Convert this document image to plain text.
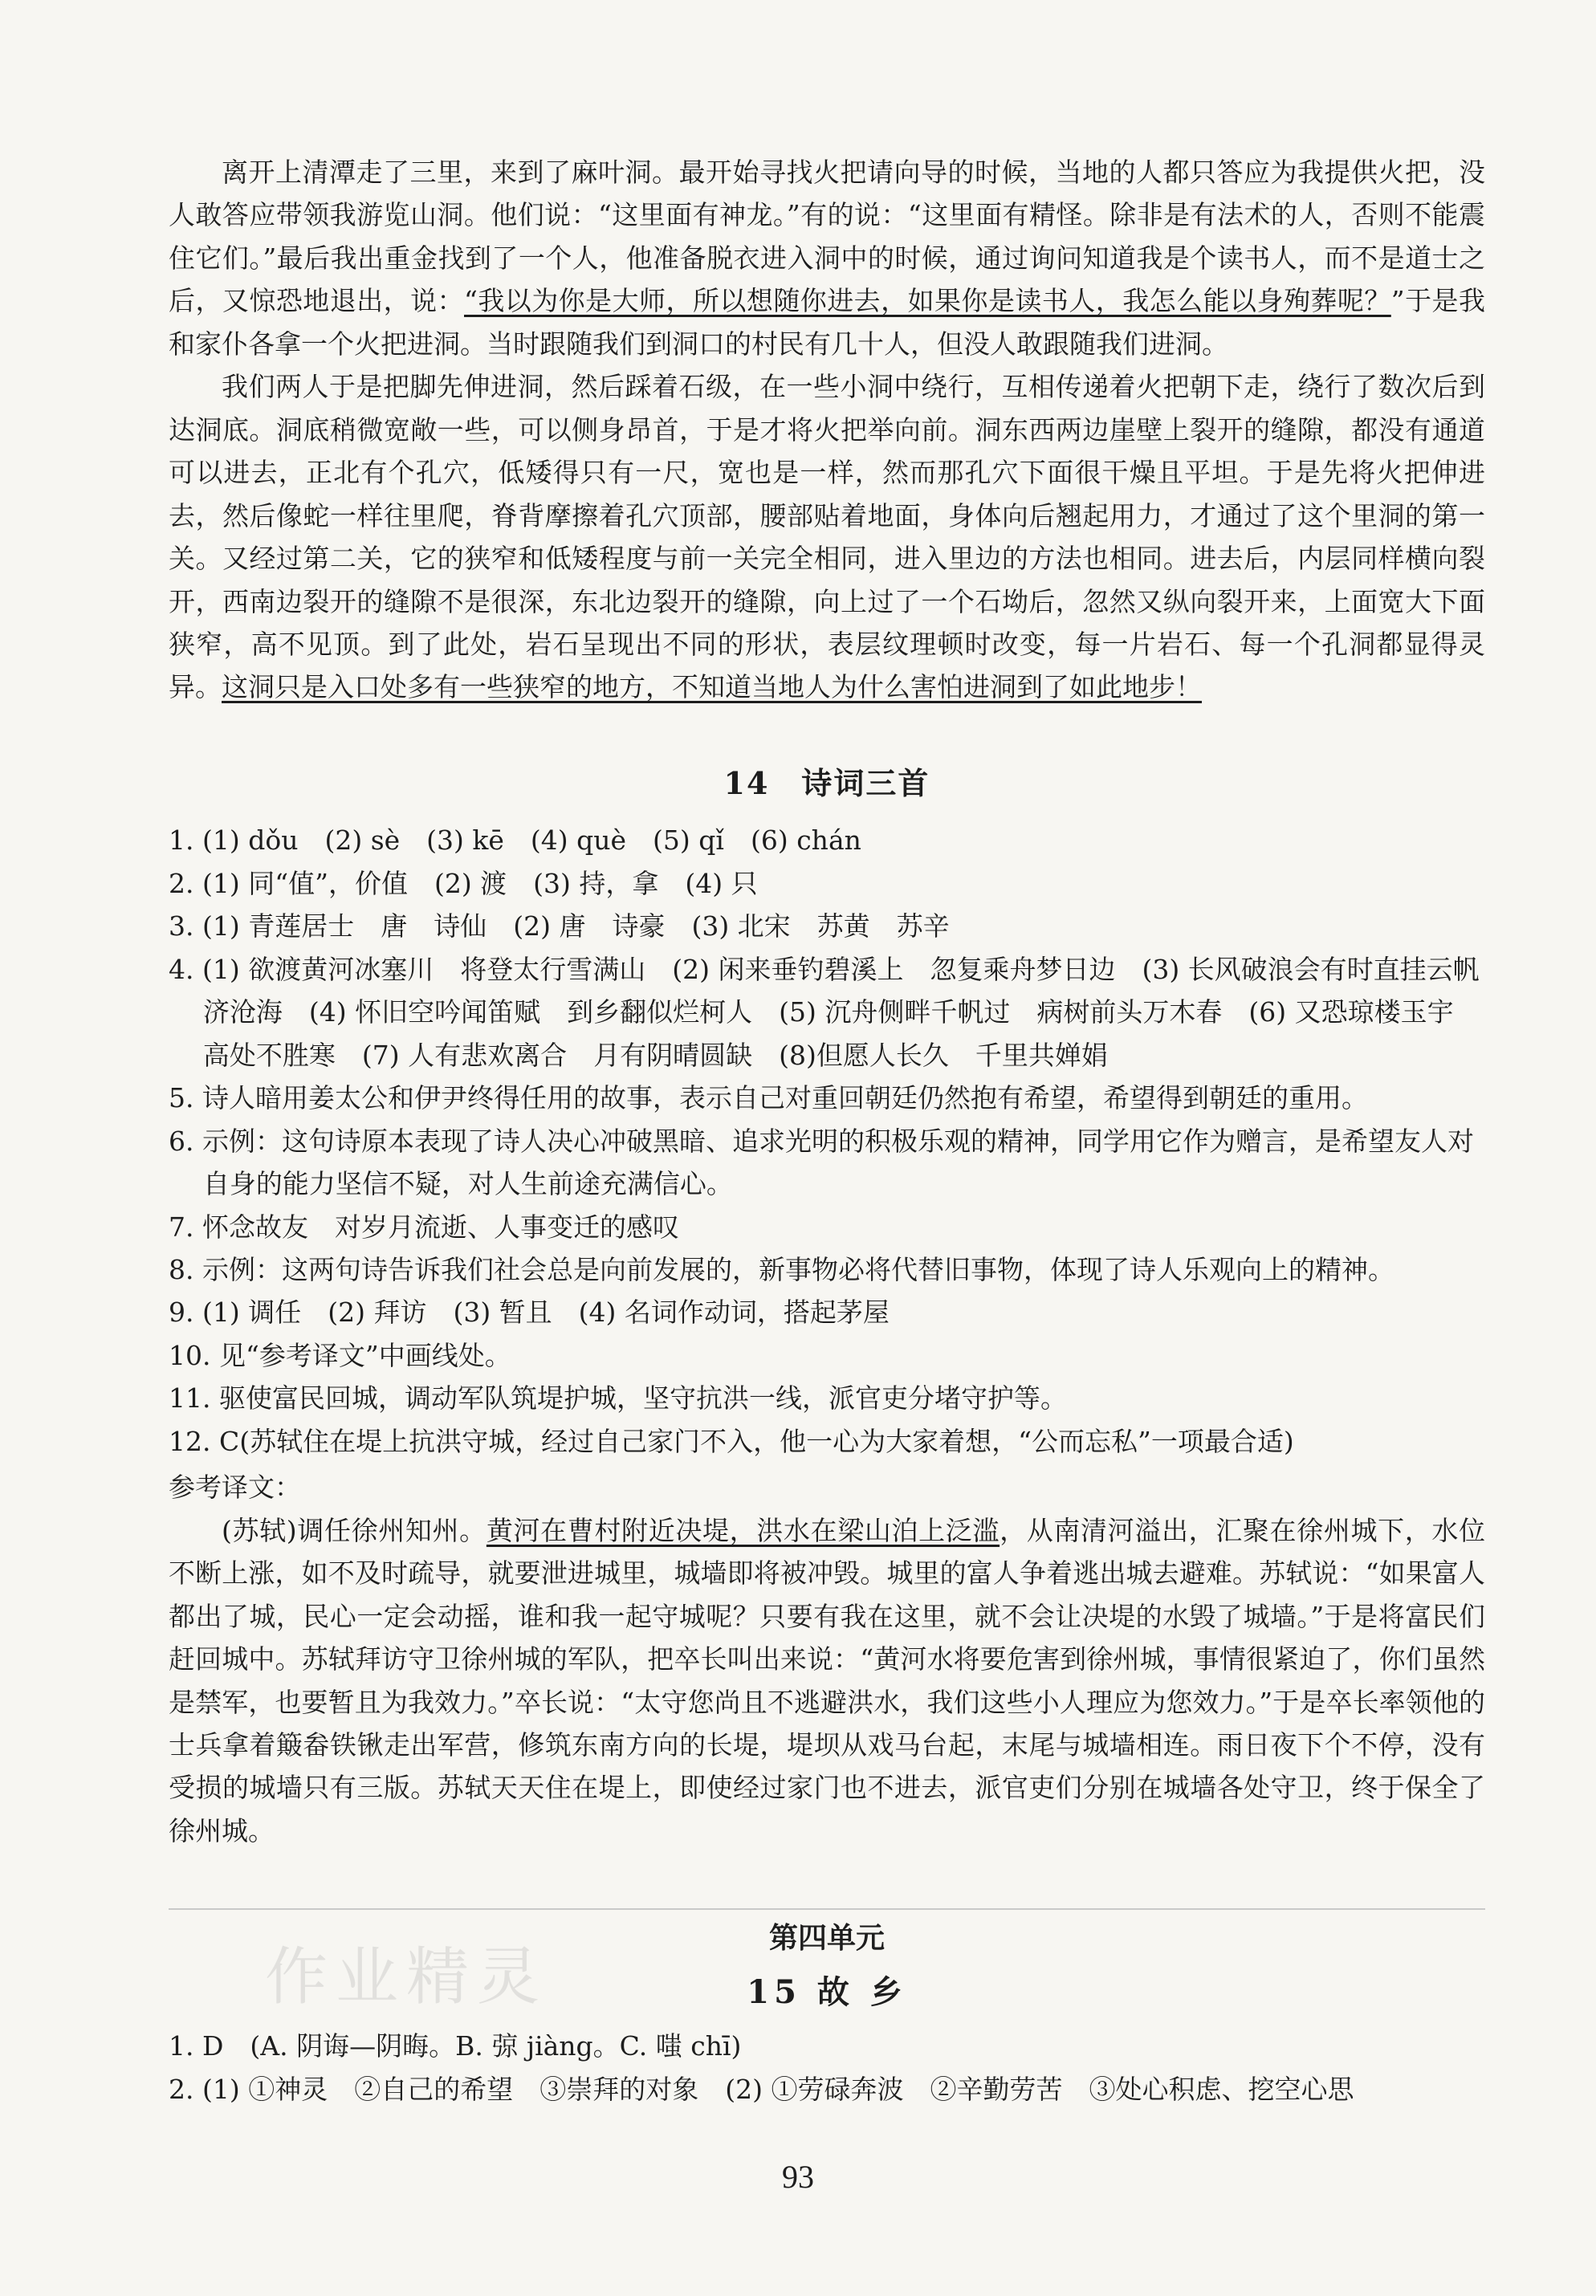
离开上清潭走了三里，来到了麻叶洞。最开始寻找火把请向导的时候，当地的人都只答应为我提供火把，没人敢答应带领我游览山洞。他们说：“这里面有神龙。”有的说：“这里面有精怪。除非是有法术的人，否则不能震住它们。”最后我出重金找到了一个人，他准备脱衣进入洞中的时候，通过询问知道我是个读书人，而不是道士之后，又惊恐地退出，说：“我以为你是大师，所以想随你进去，如果你是读书人，我怎么能以身殉葬呢？”于是我和家仆各拿一个火把进洞。当时跟随我们到洞口的村民有几十人，但没人敢跟随我们进洞。

我们两人于是把脚先伸进洞，然后踩着石级，在一些小洞中绕行，互相传递着火把朝下走，绕行了数次后到达洞底。洞底稍微宽敞一些，可以侧身昂首，于是才将火把举向前。洞东西两边崖壁上裂开的缝隙，都没有通道可以进去，正北有个孔穴，低矮得只有一尺，宽也是一样，然而那孔穴下面很干燥且平坦。于是先将火把伸进去，然后像蛇一样往里爬，脊背摩擦着孔穴顶部，腰部贴着地面，身体向后翘起用力，才通过了这个里洞的第一关。又经过第二关，它的狭窄和低矮程度与前一关完全相同，进入里边的方法也相同。进去后，内层同样横向裂开，西南边裂开的缝隙不是很深，东北边裂开的缝隙，向上过了一个石坳后，忽然又纵向裂开来，上面宽大下面狭窄，高不见顶。到了此处，岩石呈现出不同的形状，表层纹理顿时改变，每一片岩石、每一个孔洞都显得灵异。这洞只是入口处多有一些狭窄的地方，不知道当地人为什么害怕进洞到了如此地步！

14　诗词三首

1. (1) dǒu　(2) sè　(3) kē　(4) què　(5) qǐ　(6) chán

2. (1) 同“值”，价值　(2) 渡　(3) 持，拿　(4) 只

3. (1) 青莲居士　唐　诗仙　(2) 唐　诗豪　(3) 北宋　苏黄　苏辛

4. (1) 欲渡黄河冰塞川　将登太行雪满山　(2) 闲来垂钓碧溪上　忽复乘舟梦日边　(3) 长风破浪会有时直挂云帆济沧海　(4) 怀旧空吟闻笛赋　到乡翻似烂柯人　(5) 沉舟侧畔千帆过　病树前头万木春　(6) 又恐琼楼玉宇　高处不胜寒　(7) 人有悲欢离合　月有阴晴圆缺　(8)但愿人长久　千里共婵娟

5. 诗人暗用姜太公和伊尹终得任用的故事，表示自己对重回朝廷仍然抱有希望，希望得到朝廷的重用。

6. 示例：这句诗原本表现了诗人决心冲破黑暗、追求光明的积极乐观的精神，同学用它作为赠言，是希望友人对自身的能力坚信不疑，对人生前途充满信心。

7. 怀念故友　对岁月流逝、人事变迁的感叹

8. 示例：这两句诗告诉我们社会总是向前发展的，新事物必将代替旧事物，体现了诗人乐观向上的精神。

9. (1) 调任　(2) 拜访　(3) 暂且　(4) 名词作动词，搭起茅屋

10. 见“参考译文”中画线处。

11. 驱使富民回城，调动军队筑堤护城，坚守抗洪一线，派官吏分堵守护等。

12. C(苏轼住在堤上抗洪守城，经过自己家门不入，他一心为大家着想，“公而忘私”一项最合适)

参考译文：

(苏轼)调任徐州知州。黄河在曹村附近决堤，洪水在梁山泊上泛滥，从南清河溢出，汇聚在徐州城下，水位不断上涨，如不及时疏导，就要泄进城里，城墙即将被冲毁。城里的富人争着逃出城去避难。苏轼说：“如果富人都出了城，民心一定会动摇，谁和我一起守城呢？只要有我在这里，就不会让决堤的水毁了城墙。”于是将富民们赶回城中。苏轼拜访守卫徐州城的军队，把卒长叫出来说：“黄河水将要危害到徐州城，事情很紧迫了，你们虽然是禁军，也要暂且为我效力。”卒长说：“太守您尚且不逃避洪水，我们这些小人理应为您效力。”于是卒长率领他的士兵拿着簸畚铁锹走出军营，修筑东南方向的长堤，堤坝从戏马台起，末尾与城墙相连。雨日夜下个不停，没有受损的城墙只有三版。苏轼天天住在堤上，即使经过家门也不进去，派官吏们分别在城墙各处守卫，终于保全了徐州城。

第四单元
15 故 乡

1. D　(A. 阴诲—阴晦。B. 弶 jiàng。C. 嗤 chī)

2. (1) ①神灵　②自己的希望　③崇拜的对象　(2) ①劳碌奔波　②辛勤劳苦　③处心积虑、挖空心思

作业精灵
93
